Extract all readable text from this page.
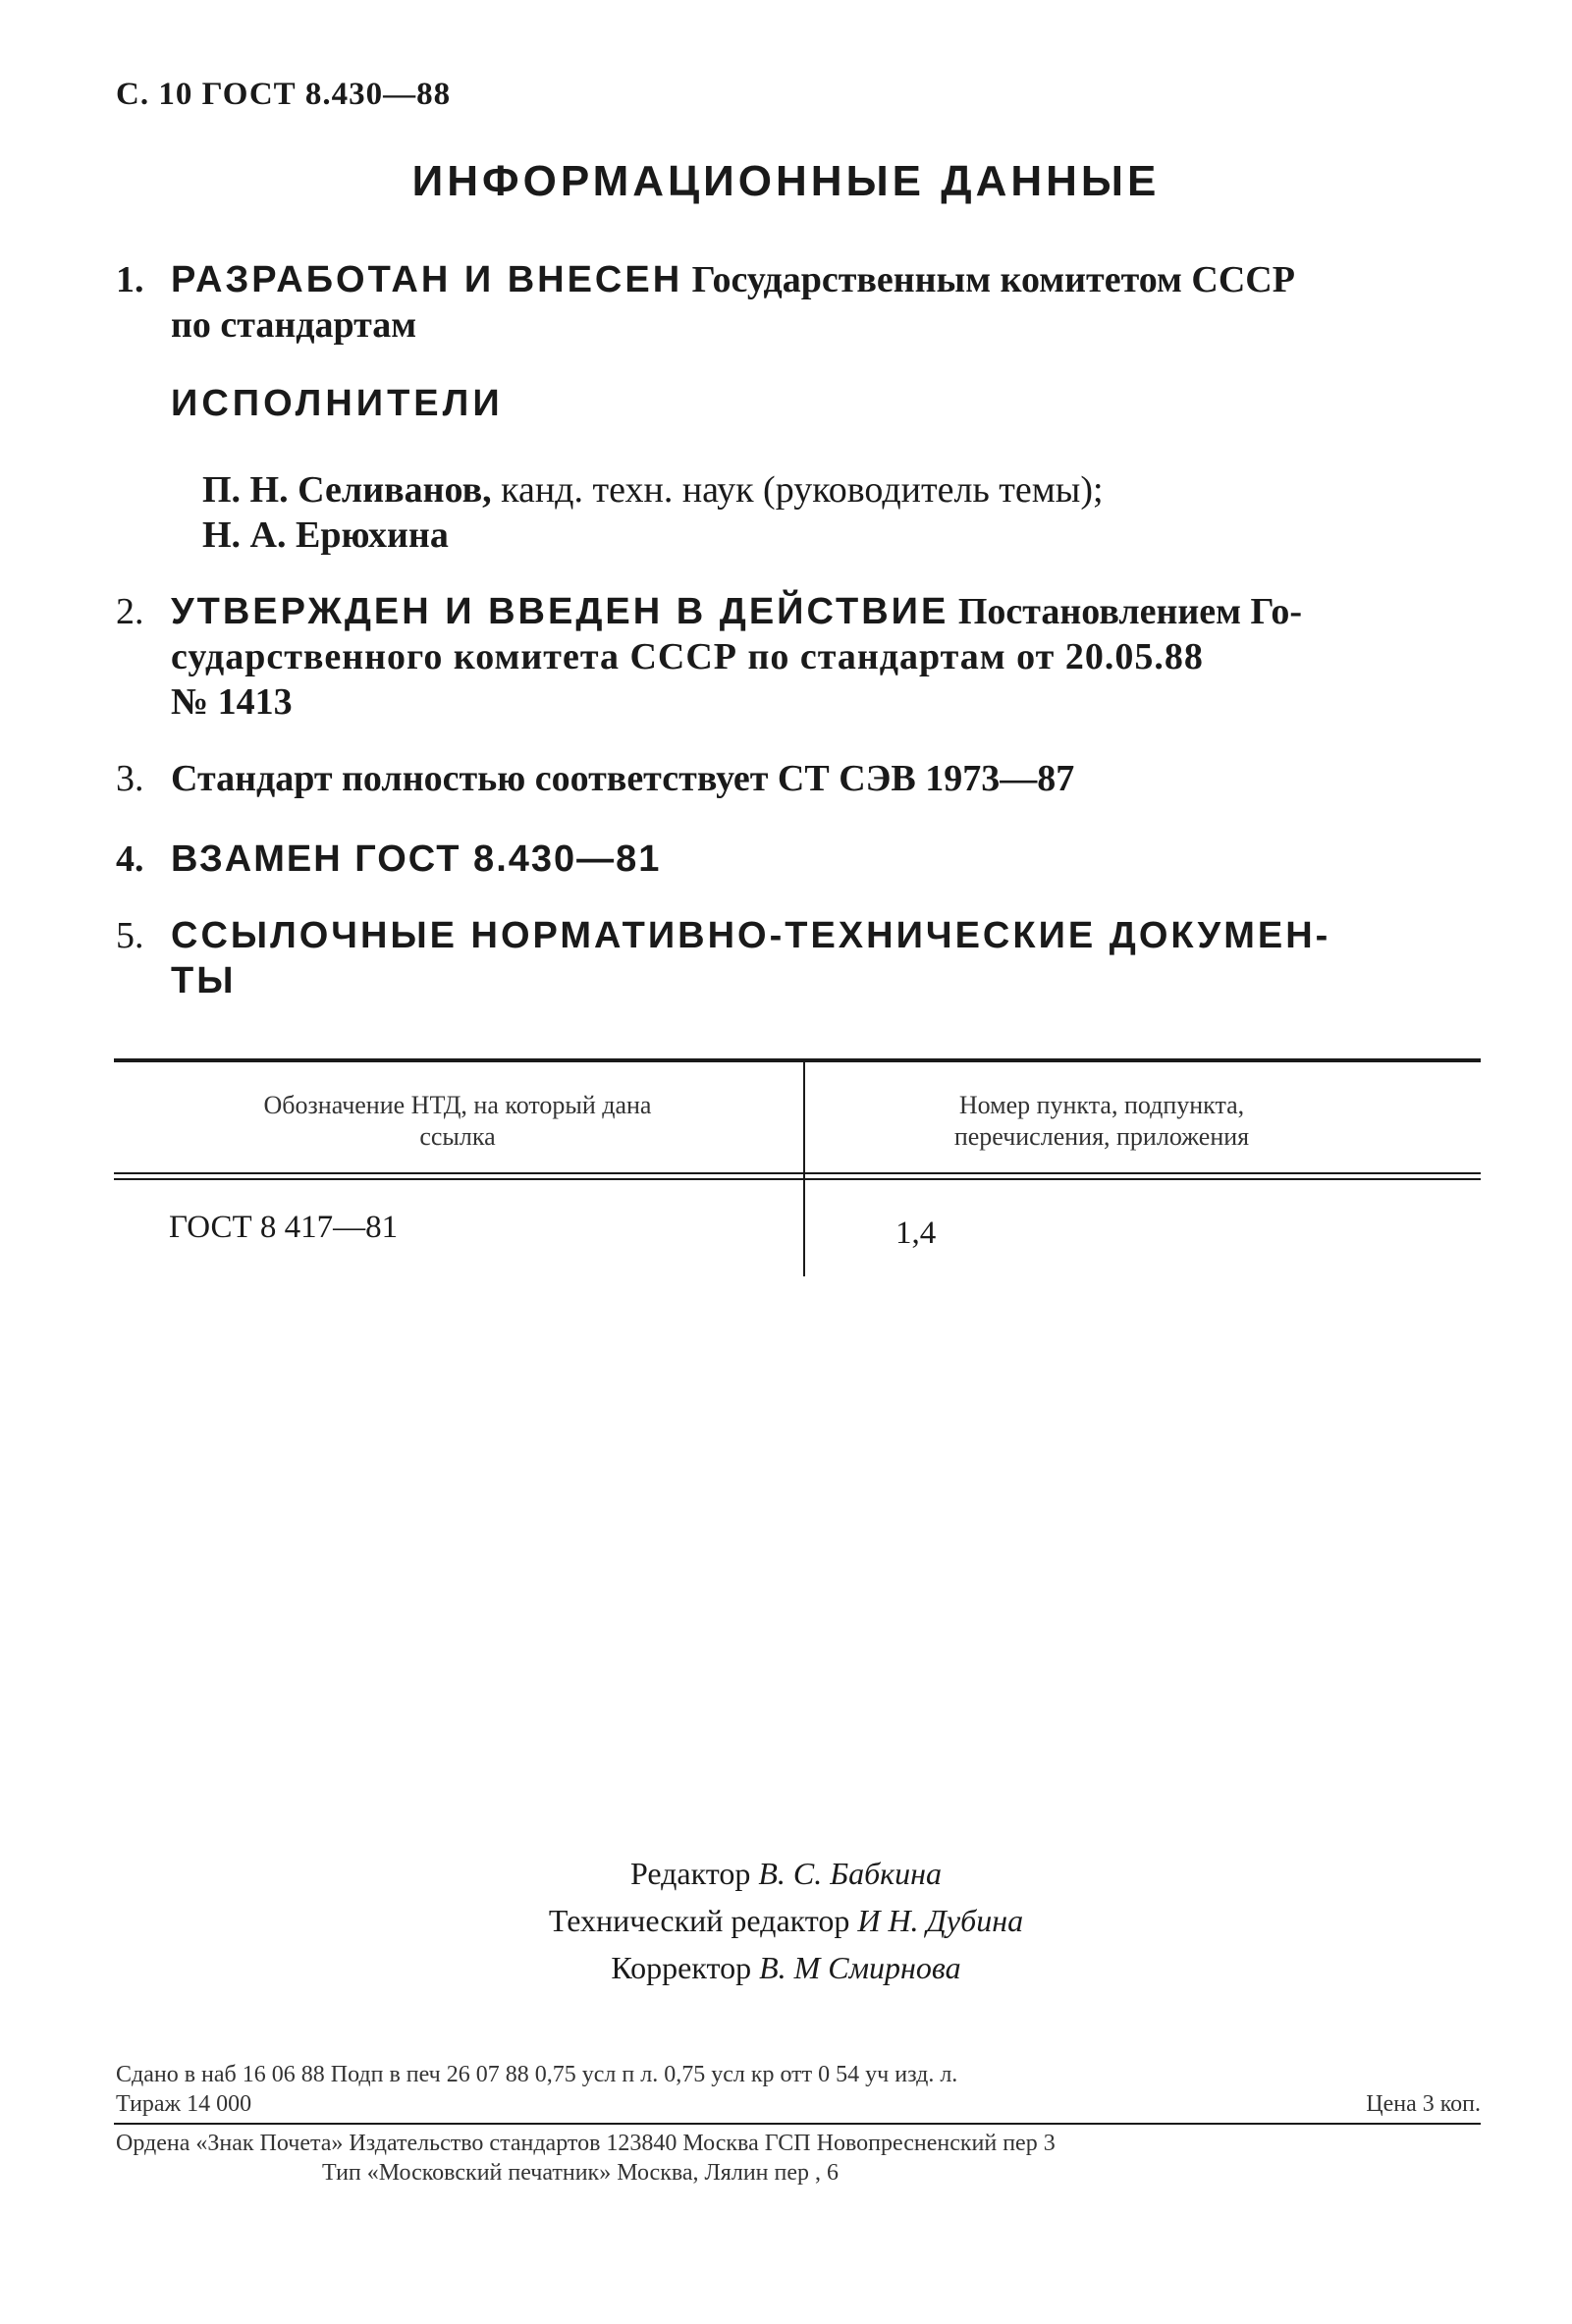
С. 10 ГОСТ 8.430—88
ИНФОРМАЦИОННЫЕ ДАННЫЕ
1. РАЗРАБОТАН И ВНЕСЕН Государственным комитетом СССР
по стандартам
ИСПОЛНИТЕЛИ
П. Н. Селиванов, канд. техн. наук (руководитель темы);
Н. А. Ерюхина
2. УТВЕРЖДЕН И ВВЕДЕН В ДЕЙСТВИЕ Постановлением Го-
сударственного комитета СССР по стандартам от 20.05.88
№ 1413
3. Стандарт полностью соответствует СТ СЭВ 1973—87
4. ВЗАМЕН ГОСТ 8.430—81
5. ССЫЛОЧНЫЕ НОРМАТИВНО-ТЕХНИЧЕСКИЕ ДОКУМЕН-
ТЫ
Обозначение НТД, на который дана
ссылка
Номер пункта, подпункта,
перечисления, приложения
ГОСТ 8 417—81	1,4
Редактор В. С. Бабкина
Технический редактор И Н. Дубина
Корректор В. М Смирнова
Сдано в наб 16 06 88 Подп в печ 26 07 88 0,75 усл п л. 0,75 усл кр отт 0 54 уч изд. л.
Тираж 14 000	Цена 3 коп.
Ордена «Знак Почета» Издательство стандартов 123840 Москва ГСП Новопресненский пер 3
Тип «Московский печатник» Москва, Лялин пер , 6
